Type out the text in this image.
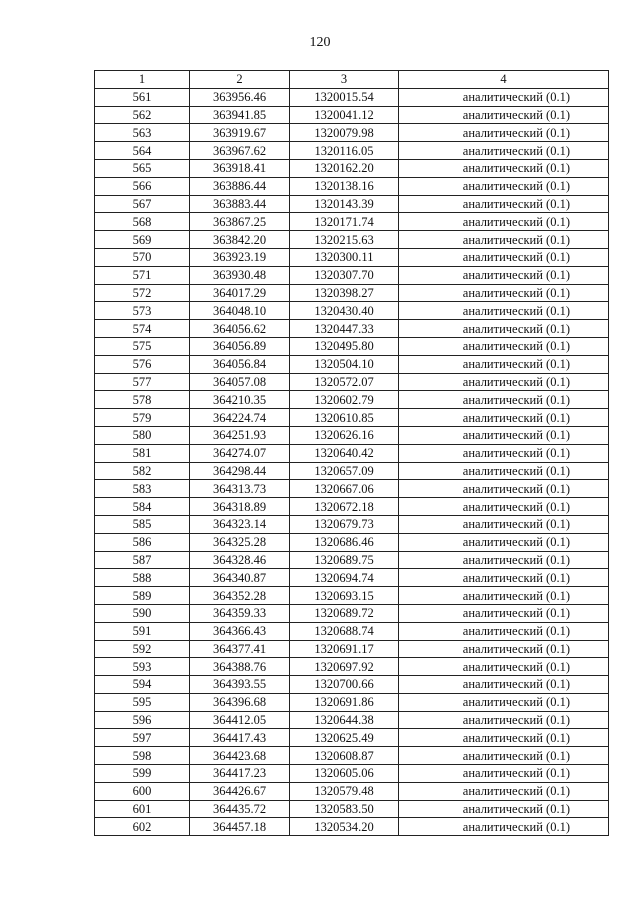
120
1	2	3	4
561	363956.46	1320015.54	аналитический (0.1)
562	363941.85	1320041.12	аналитический (0.1)
563	363919.67	1320079.98	аналитический (0.1)
564	363967.62	1320116.05	аналитический (0.1)
565	363918.41	1320162.20	аналитический (0.1)
566	363886.44	1320138.16	аналитический (0.1)
567	363883.44	1320143.39	аналитический (0.1)
568	363867.25	1320171.74	аналитический (0.1)
569	363842.20	1320215.63	аналитический (0.1)
570	363923.19	1320300.11	аналитический (0.1)
571	363930.48	1320307.70	аналитический (0.1)
572	364017.29	1320398.27	аналитический (0.1)
573	364048.10	1320430.40	аналитический (0.1)
574	364056.62	1320447.33	аналитический (0.1)
575	364056.89	1320495.80	аналитический (0.1)
576	364056.84	1320504.10	аналитический (0.1)
577	364057.08	1320572.07	аналитический (0.1)
578	364210.35	1320602.79	аналитический (0.1)
579	364224.74	1320610.85	аналитический (0.1)
580	364251.93	1320626.16	аналитический (0.1)
581	364274.07	1320640.42	аналитический (0.1)
582	364298.44	1320657.09	аналитический (0.1)
583	364313.73	1320667.06	аналитический (0.1)
584	364318.89	1320672.18	аналитический (0.1)
585	364323.14	1320679.73	аналитический (0.1)
586	364325.28	1320686.46	аналитический (0.1)
587	364328.46	1320689.75	аналитический (0.1)
588	364340.87	1320694.74	аналитический (0.1)
589	364352.28	1320693.15	аналитический (0.1)
590	364359.33	1320689.72	аналитический (0.1)
591	364366.43	1320688.74	аналитический (0.1)
592	364377.41	1320691.17	аналитический (0.1)
593	364388.76	1320697.92	аналитический (0.1)
594	364393.55	1320700.66	аналитический (0.1)
595	364396.68	1320691.86	аналитический (0.1)
596	364412.05	1320644.38	аналитический (0.1)
597	364417.43	1320625.49	аналитический (0.1)
598	364423.68	1320608.87	аналитический (0.1)
599	364417.23	1320605.06	аналитический (0.1)
600	364426.67	1320579.48	аналитический (0.1)
601	364435.72	1320583.50	аналитический (0.1)
602	364457.18	1320534.20	аналитический (0.1)
